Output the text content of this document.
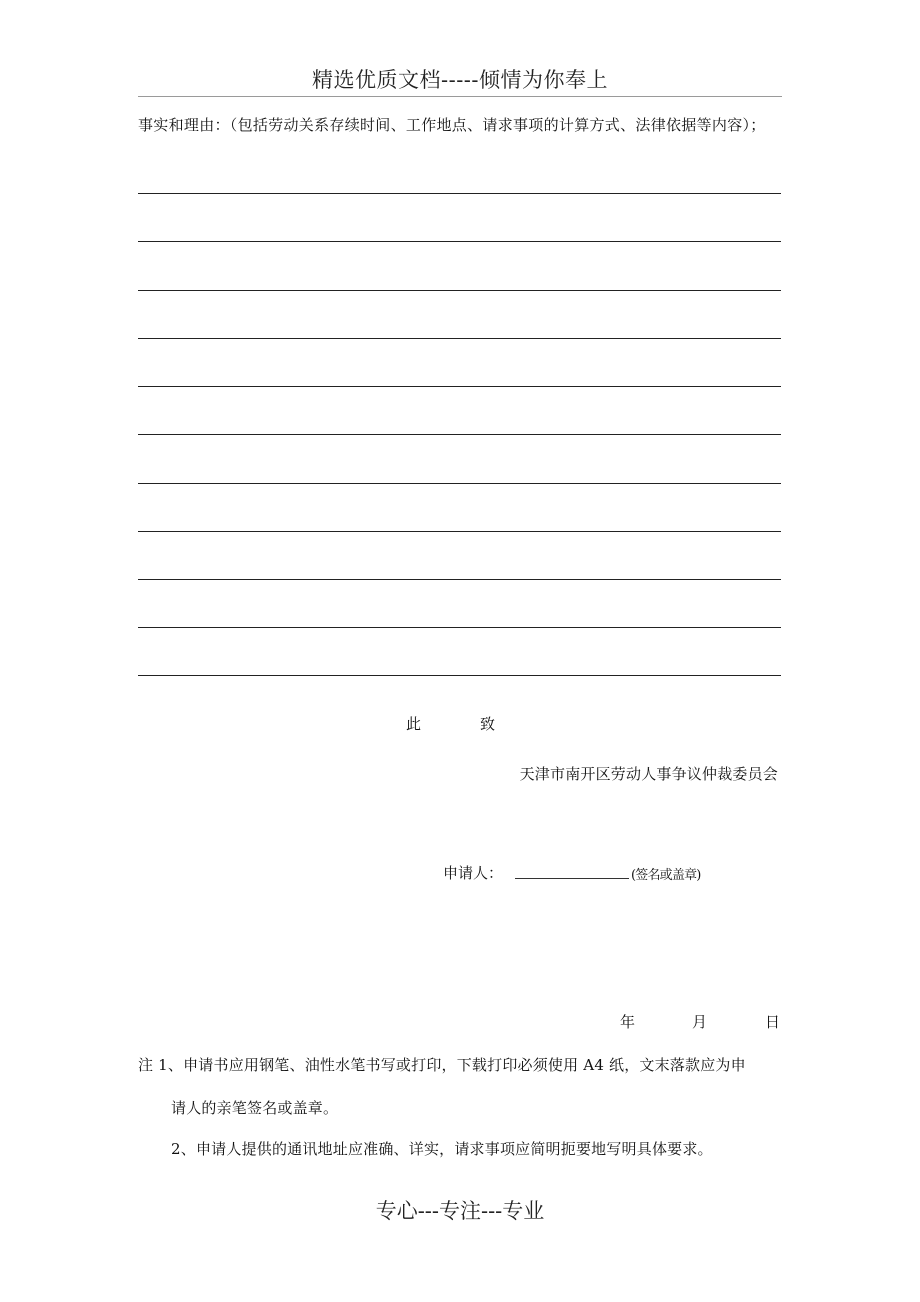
精选优质文档-----倾情为你奉上
事实和理由：（包括劳动关系存续时间、工作地点、请求事项的计算方式、法律依据等内容）；
此	致
天津市南开区劳动人事争议仲裁委员会
申请人：	(签名或盖章)
年	月	日
注 1、申请书应用钢笔、油性水笔书写或打印，下载打印必须使用 A4 纸，文末落款应为申
请人的亲笔签名或盖章。
2、申请人提供的通讯地址应准确、详实，请求事项应简明扼要地写明具体要求。
专心---专注---专业
